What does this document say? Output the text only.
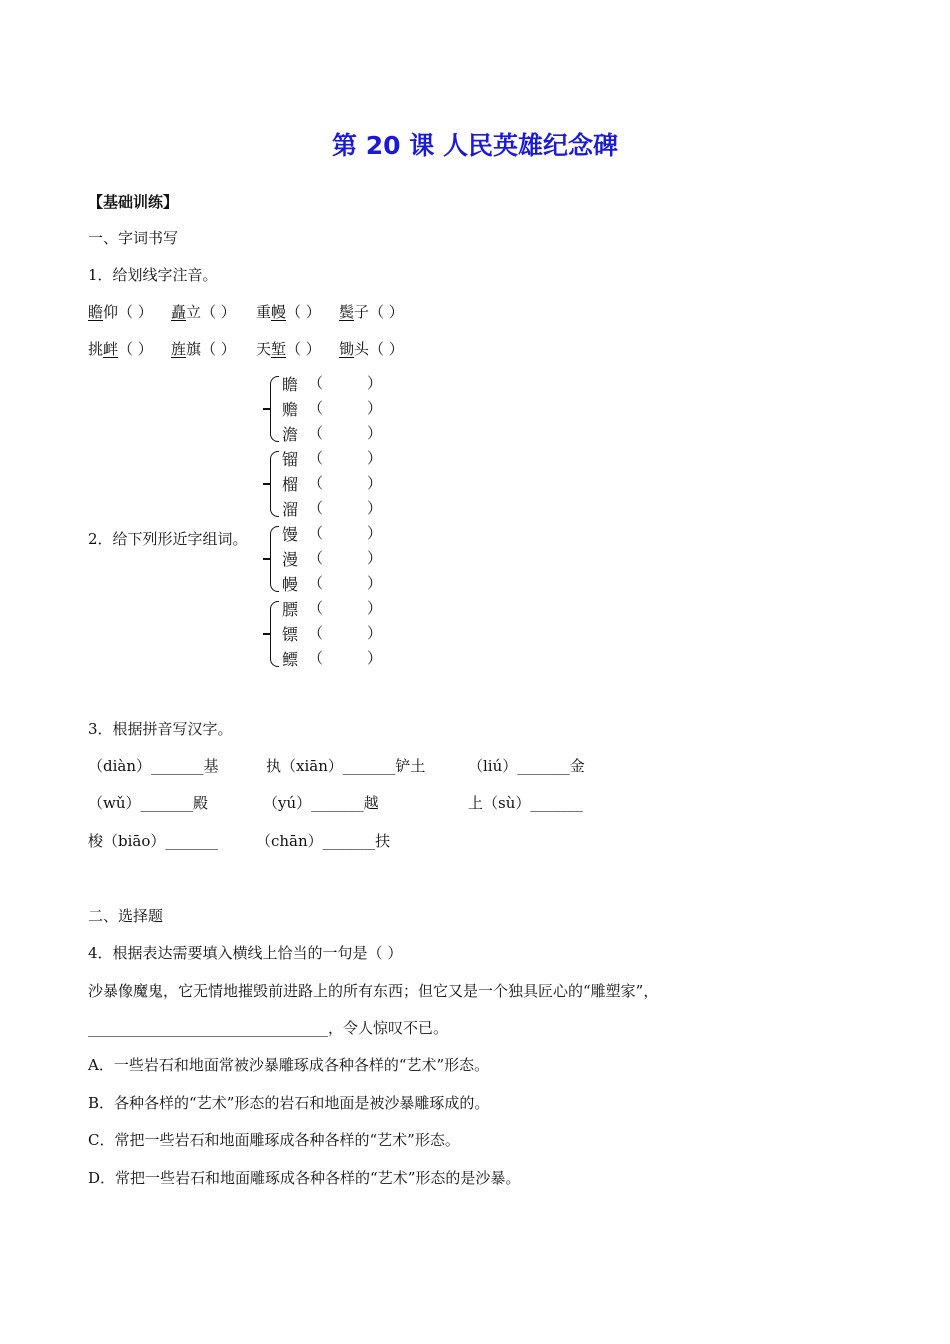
第 20 课 人民英雄纪念碑
【基础训练】
一、字词书写
1．给划线字注音。
瞻仰（ ） 矗立（ ） 重幔（ ） 鬓子（ ）
挑衅（ ） 旌旗（ ） 天堑（ ） 锄头（ ）
2．给下列形近字组词。
瞻 （	）
赡 （	）
澹 （	）
镏 （	）
榴 （	）
溜 （	）
馒 （	）
漫 （	）
幔 （	）
膘 （	）
镖 （	）
鳔 （	）
3．根据拼音写汉字。
（diàn）_______基	执（xiān）_______铲土	（liú）_______金
（wǔ）_______殿	（yú）_______越	上（sù）_______
梭（biāo）_______	（chān）_______扶
二、选择题
4．根据表达需要填入横线上恰当的一句是（ ）
沙暴像魔鬼，它无情地摧毁前进路上的所有东西；但它又是一个独具匠心的“雕塑家”，
________________________________，令人惊叹不已。
A．一些岩石和地面常被沙暴雕琢成各种各样的“艺术”形态。
B．各种各样的“艺术”形态的岩石和地面是被沙暴雕琢成的。
C．常把一些岩石和地面雕琢成各种各样的“艺术”形态。
D．常把一些岩石和地面雕琢成各种各样的“艺术”形态的是沙暴。
